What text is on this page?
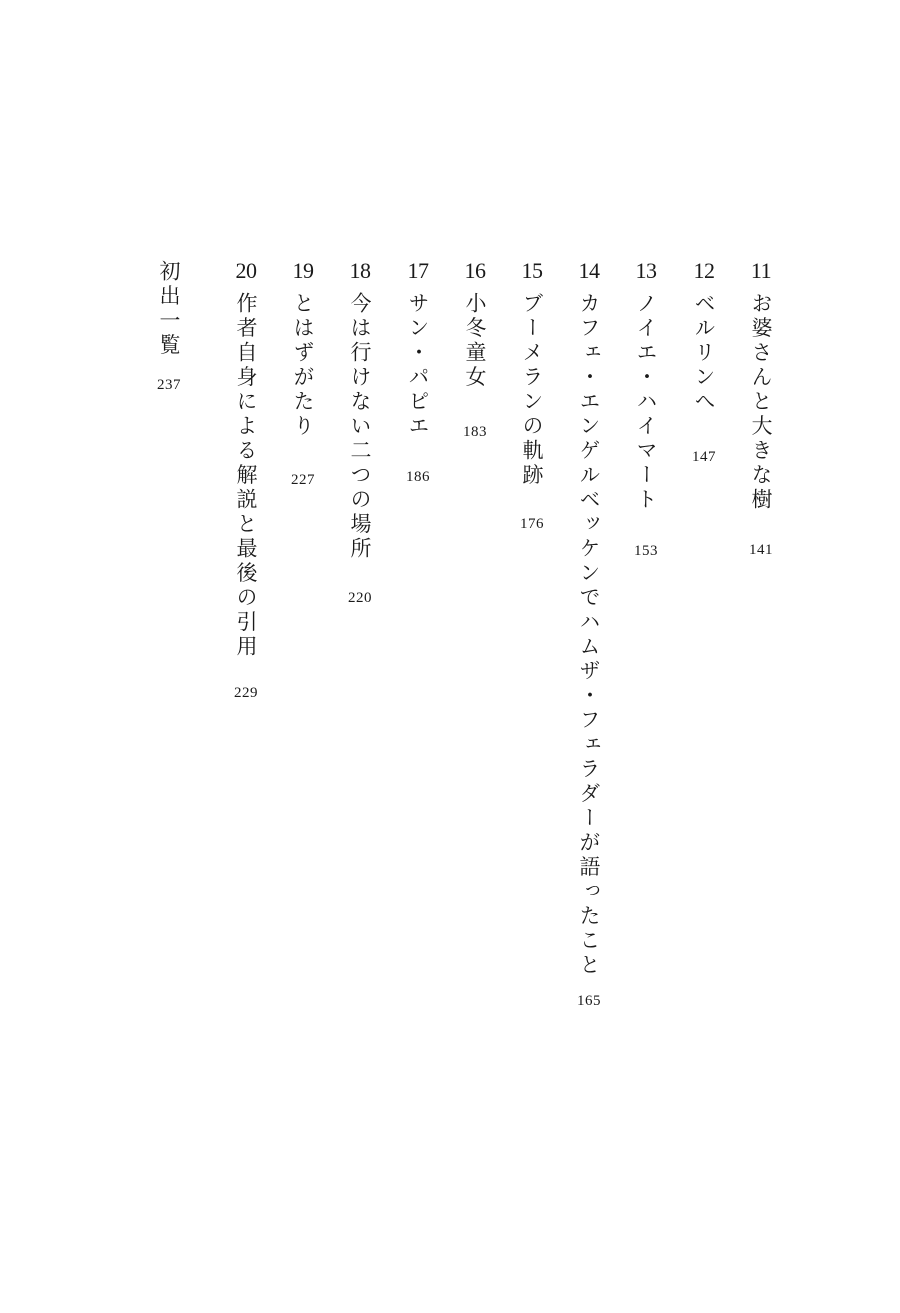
11
お婆さんと大きな樹
141
12
ベルリンへ
147
13
ノイエ・ハイマート
153
14
カフェ・エンゲルベッケンでハムザ・フェラダーが語ったこと
165
15
ブーメランの軌跡
176
16
小冬童女
183
17
サン・パピエ
186
18
今は行けない二つの場所
220
19
とはずがたり
227
20
作者自身による解説と最後の引用
229
初出一覧
237
